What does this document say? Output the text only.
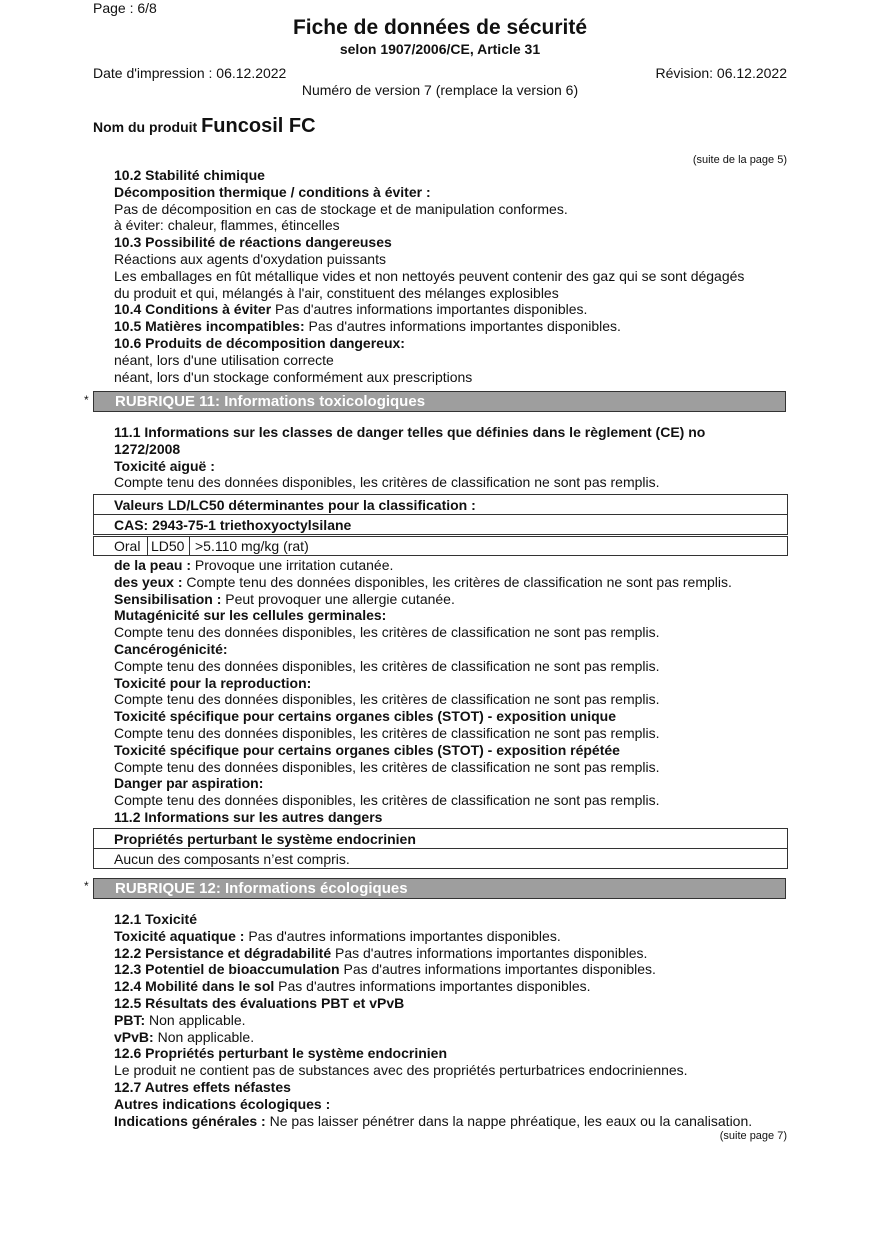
Page : 6/8
Fiche de données de sécurité
selon 1907/2006/CE, Article 31
Date d'impression : 06.12.2022	Révision: 06.12.2022
Numéro de version 7 (remplace la version 6)
Nom du produit Funcosil FC
(suite de la page 5)

10.2 Stabilité chimique

Décomposition thermique / conditions à éviter :

Pas de décomposition en cas de stockage et de manipulation conformes.

à éviter: chaleur, flammes, étincelles

10.3 Possibilité de réactions dangereuses

Réactions aux agents d'oxydation puissants

Les emballages en fût métallique vides et non nettoyés peuvent contenir des gaz qui se sont dégagés

du produit et qui, mélangés à l'air, constituent des mélanges explosibles

10.4 Conditions à éviter Pas d'autres informations importantes disponibles.

10.5 Matières incompatibles: Pas d'autres informations importantes disponibles.

10.6 Produits de décomposition dangereux:

néant, lors d'une utilisation correcte

néant, lors d'un stockage conformément aux prescriptions

*	RUBRIQUE 11: Informations toxicologiques

11.1 Informations sur les classes de danger telles que définies dans le règlement (CE) no

1272/2008

Toxicité aiguë :

Compte tenu des données disponibles, les critères de classification ne sont pas remplis.

Valeurs LD/LC50 déterminantes pour la classification :
CAS: 2943-75-1 triethoxyoctylsilane
Oral LD50 >5.110 mg/kg (rat)

de la peau : Provoque une irritation cutanée.

des yeux : Compte tenu des données disponibles, les critères de classification ne sont pas remplis.

Sensibilisation : Peut provoquer une allergie cutanée.

Mutagénicité sur les cellules germinales:

Compte tenu des données disponibles, les critères de classification ne sont pas remplis.

Cancérogénicité:

Compte tenu des données disponibles, les critères de classification ne sont pas remplis.

Toxicité pour la reproduction:

Compte tenu des données disponibles, les critères de classification ne sont pas remplis.

Toxicité spécifique pour certains organes cibles (STOT) - exposition unique

Compte tenu des données disponibles, les critères de classification ne sont pas remplis.

Toxicité spécifique pour certains organes cibles (STOT) - exposition répétée

Compte tenu des données disponibles, les critères de classification ne sont pas remplis.

Danger par aspiration:

Compte tenu des données disponibles, les critères de classification ne sont pas remplis.

11.2 Informations sur les autres dangers

Propriétés perturbant le système endocrinien
Aucun des composants n’est compris.
*	RUBRIQUE 12: Informations écologiques

12.1 Toxicité

Toxicité aquatique : Pas d'autres informations importantes disponibles.

12.2 Persistance et dégradabilité Pas d'autres informations importantes disponibles.

12.3 Potentiel de bioaccumulation Pas d'autres informations importantes disponibles.

12.4 Mobilité dans le sol Pas d'autres informations importantes disponibles.

12.5 Résultats des évaluations PBT et vPvB

PBT: Non applicable.

vPvB: Non applicable.

12.6 Propriétés perturbant le système endocrinien

Le produit ne contient pas de substances avec des propriétés perturbatrices endocriniennes.

12.7 Autres effets néfastes

Autres indications écologiques :

Indications générales : Ne pas laisser pénétrer dans la nappe phréatique, les eaux ou la canalisation.

(suite page 7)
